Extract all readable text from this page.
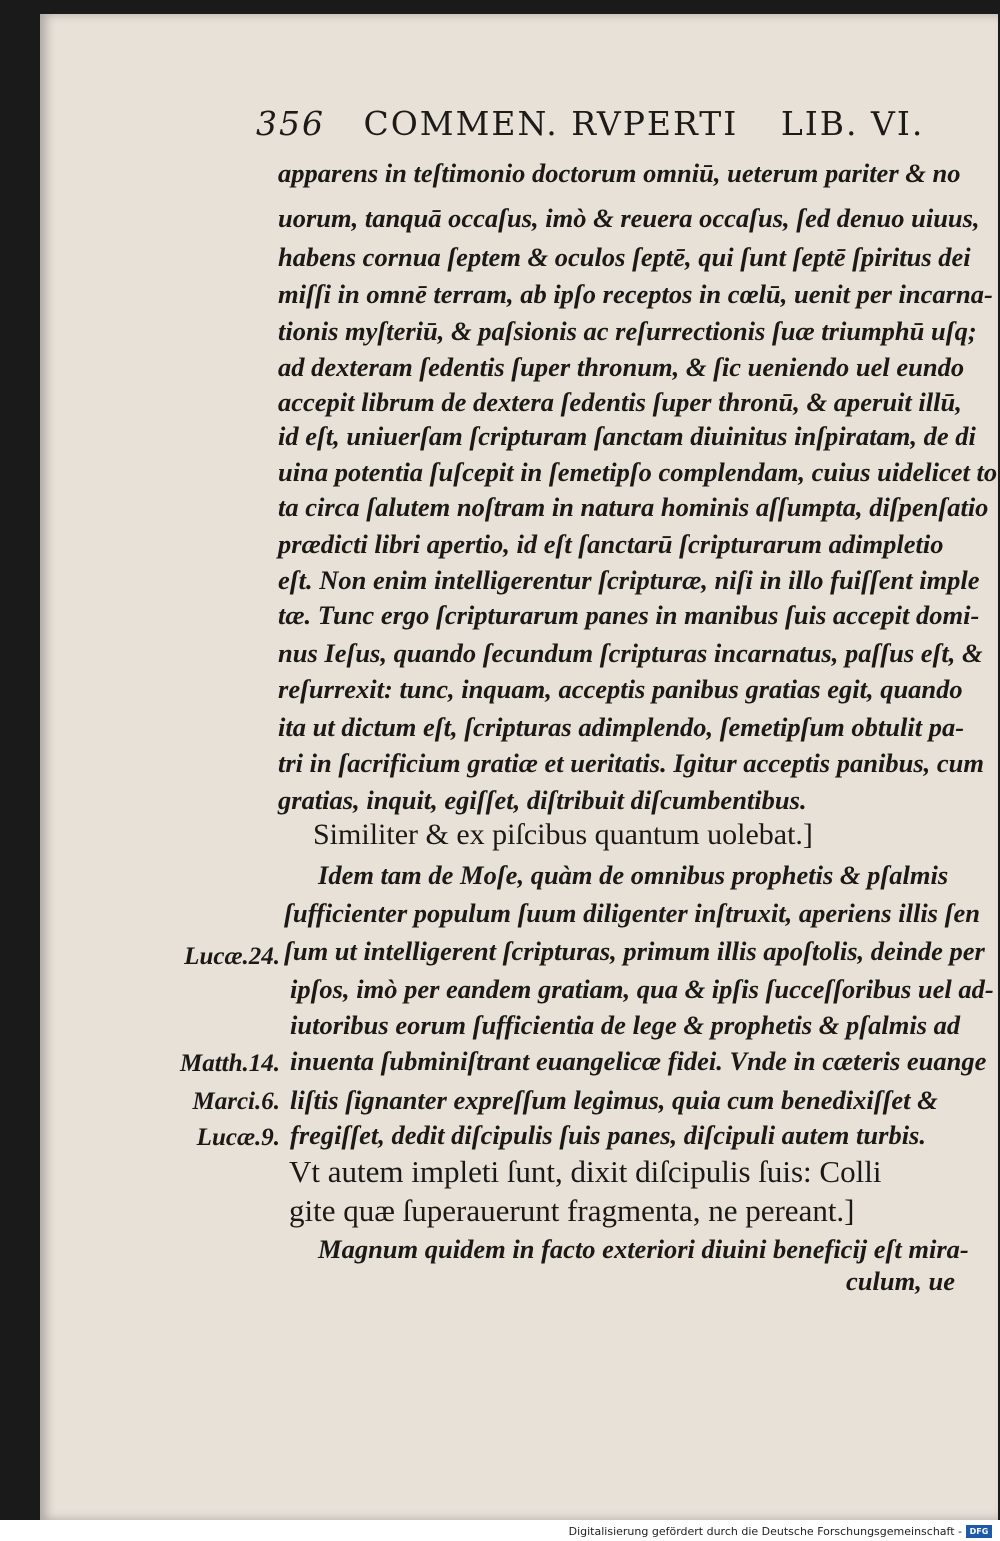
356 COMMEN. RVPERTI LIB. VI.
apparens in teſtimonio doctorum omniū, ueterum pariter & no
uorum, tanquā occaſus, imò & reuera occaſus, ſed denuo uiuus,
habens cornua ſeptem & oculos ſeptē, qui ſunt ſeptē ſpiritus dei
miſſi in omnē terram, ab ipſo receptos in cœlū, uenit per incarna-
tionis myſteriū, & paſsionis ac reſurrectionis ſuæ triumphū uſq;
ad dexteram ſedentis ſuper thronum, & ſic ueniendo uel eundo
accepit librum de dextera ſedentis ſuper thronū, & aperuit illū,
id eſt, uniuerſam ſcripturam ſanctam diuinitus inſpiratam, de di
uina potentia ſuſcepit in ſemetipſo complendam, cuius uidelicet to
ta circa ſalutem noſtram in natura hominis aſſumpta, diſpenſatio
prædicti libri apertio, id eſt ſanctarū ſcripturarum adimpletio
eſt. Non enim intelligerentur ſcripturæ, niſi in illo fuiſſent imple
tæ. Tunc ergo ſcripturarum panes in manibus ſuis accepit domi-
nus Ieſus, quando ſecundum ſcripturas incarnatus, paſſus eſt, &
reſurrexit: tunc, inquam, acceptis panibus gratias egit, quando
ita ut dictum eſt, ſcripturas adimplendo, ſemetipſum obtulit pa-
tri in ſacrificium gratiæ et ueritatis. Igitur acceptis panibus, cum
gratias, inquit, egiſſet, diſtribuit diſcumbentibus.
Similiter & ex piſcibus quantum uolebat.]
Idem tam de Moſe, quàm de omnibus prophetis & pſalmis
ſufficienter populum ſuum diligenter inſtruxit, aperiens illis ſen
ſum ut intelligerent ſcripturas, primum illis apoſtolis, deinde per
ipſos, imò per eandem gratiam, qua & ipſis ſucceſſoribus uel ad-
iutoribus eorum ſufficientia de lege & prophetis & pſalmis ad
inuenta ſubminiſtrant euangelicæ fidei. Vnde in cæteris euange
liſtis ſignanter expreſſum legimus, quia cum benedixiſſet &
fregiſſet, dedit diſcipulis ſuis panes, diſcipuli autem turbis.
Lucæ.24.
Matth.14.
Marci.6.
Lucæ.9.
Vt autem impleti ſunt, dixit diſcipulis ſuis: Colli
gite quæ ſuperauerunt fragmenta, ne pereant.]
Magnum quidem in facto exteriori diuini beneficij eſt mira-
culum, ue
Digitalisierung gefördert durch die Deutsche Forschungsgemeinschaft - DFG
